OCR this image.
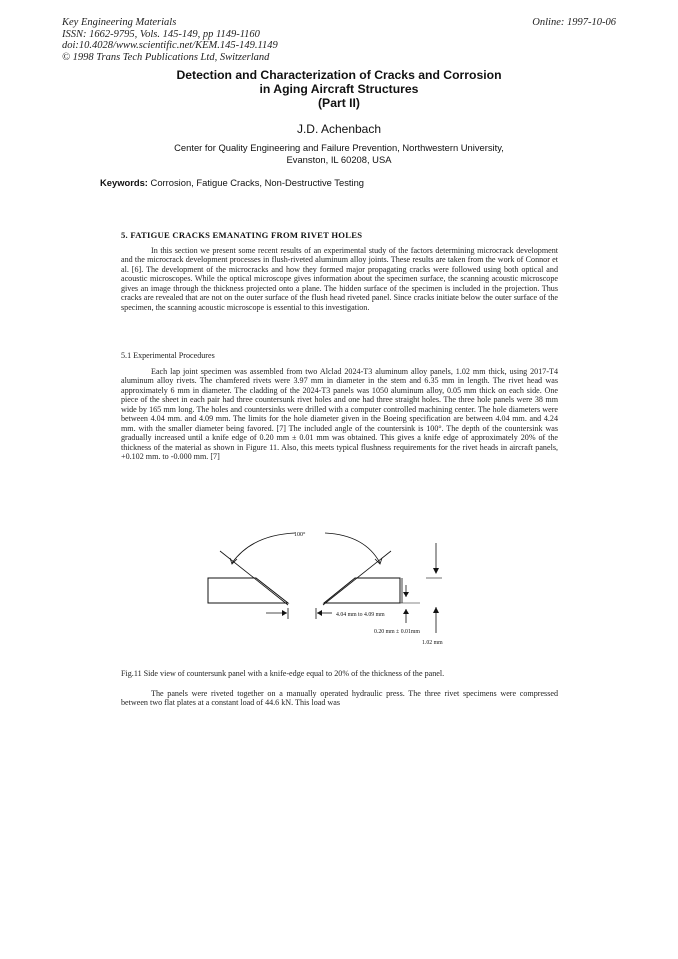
Key Engineering Materials
ISSN: 1662-9795, Vols. 145-149, pp 1149-1160
doi:10.4028/www.scientific.net/KEM.145-149.1149
© 1998 Trans Tech Publications Ltd, Switzerland
Online: 1997-10-06
Detection and Characterization of Cracks and Corrosion
in Aging Aircraft Structures
(Part II)
J.D. Achenbach
Center for Quality Engineering and Failure Prevention, Northwestern University,
Evanston, IL 60208, USA
Keywords: Corrosion, Fatigue Cracks, Non-Destructive Testing
5. FATIGUE CRACKS EMANATING FROM RIVET HOLES

In this section we present some recent results of an experimental study of the factors determining microcrack development and the microcrack development processes in flush-riveted aluminum alloy joints. These results are taken from the work of Connor et al. [6]. The development of the microcracks and how they formed major propagating cracks were followed using both optical and acoustic microscopes. While the optical microscope gives information about the specimen surface, the scanning acoustic microscope gives an image through the thickness projected onto a plane. The hidden surface of the specimen is included in the projection. Thus cracks are revealed that are not on the outer surface of the flush head riveted panel. Since cracks initiate below the outer surface of the specimen, the scanning acoustic microscope is essential to this investigation.

5.1 Experimental Procedures

Each lap joint specimen was assembled from two Alclad 2024-T3 aluminum alloy panels, 1.02 mm thick, using 2017-T4 aluminum alloy rivets. The chamfered rivets were 3.97 mm in diameter in the stem and 6.35 mm in length. The rivet head was approximately 6 mm in diameter. The cladding of the 2024-T3 panels was 1050 aluminum alloy, 0.05 mm thick on each side. One piece of the sheet in each pair had three countersunk rivet holes and one had three straight holes. The three hole panels were 38 mm wide by 165 mm long. The holes and countersinks were drilled with a computer controlled machining center. The hole diameters were between 4.04 mm. and 4.09 mm. The limits for the hole diameter given in the Boeing specification are between 4.04 mm. and 4.24 mm. with the smaller diameter being favored. [7] The included angle of the countersink is 100°. The depth of the countersink was gradually increased until a knife edge of 0.20 mm ± 0.01 mm was obtained. This gives a knife edge of approximately 20% of the thickness of the material as shown in Figure 11. Also, this meets typical flushness requirements for the rivet heads in aircraft panels, +0.102 mm. to -0.000 mm. [7]

100°
4.04 mm to 4.09 mm
0.20 mm ± 0.01mm
1.02 mm
Fig.11 Side view of countersunk panel with a knife-edge equal to 20% of the thickness of the panel.

The panels were riveted together on a manually operated hydraulic press. The three rivet specimens were compressed between two flat plates at a constant load of 44.6 kN. This load was
